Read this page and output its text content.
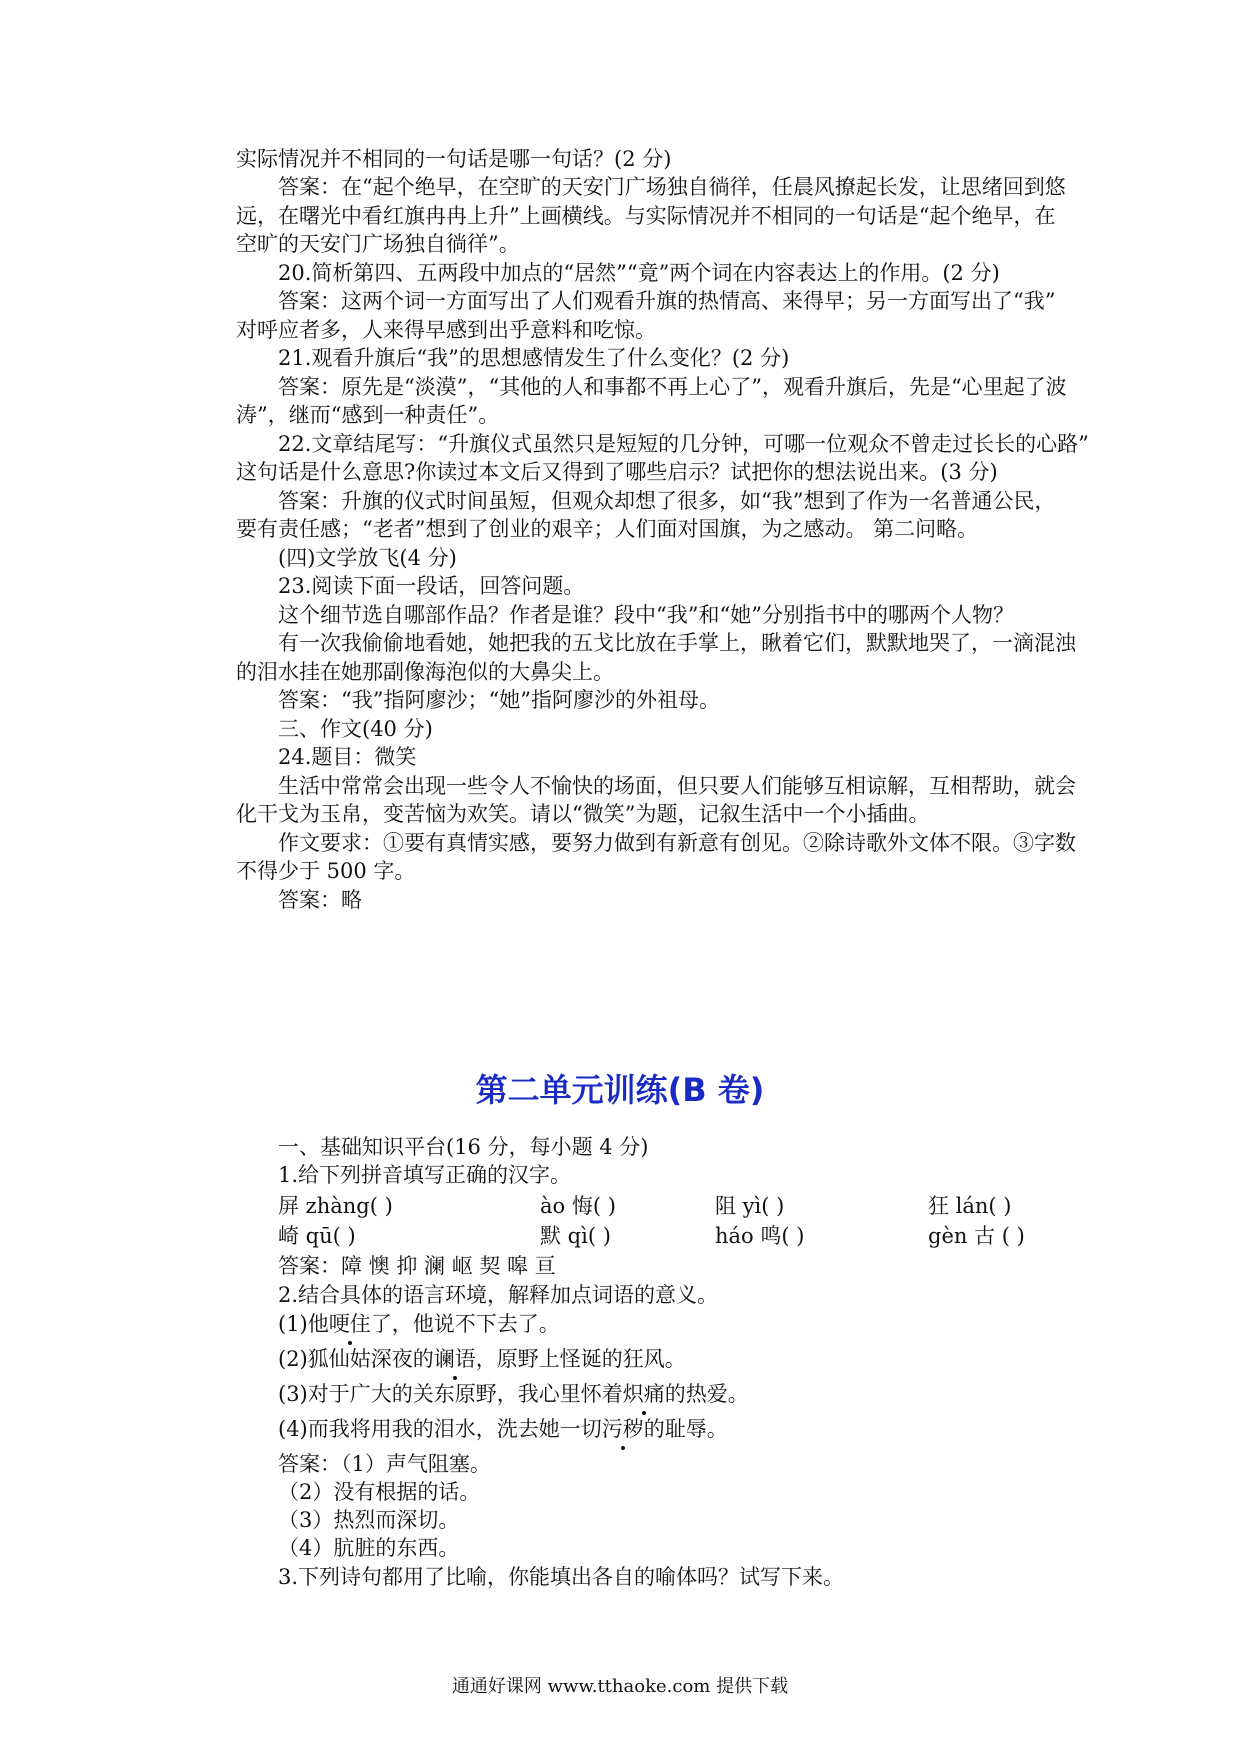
实际情况并不相同的一句话是哪一句话？(2 分)
答案：在“起个绝早，在空旷的天安门广场独自徜徉，任晨风撩起长发，让思绪回到悠
远，在曙光中看红旗冉冉上升”上画横线。与实际情况并不相同的一句话是“起个绝早，在
空旷的天安门广场独自徜徉”。
20.简析第四、五两段中加点的“居然”“竟”两个词在内容表达上的作用。(2 分)
答案：这两个词一方面写出了人们观看升旗的热情高、来得早；另一方面写出了“我”
对呼应者多，人来得早感到出乎意料和吃惊。
21.观看升旗后“我”的思想感情发生了什么变化？(2 分)
答案：原先是“淡漠”，“其他的人和事都不再上心了”，观看升旗后，先是“心里起了波
涛”，继而“感到一种责任”。
22.文章结尾写：“升旗仪式虽然只是短短的几分钟，可哪一位观众不曾走过长长的心路”
这句话是什么意思?你读过本文后又得到了哪些启示？试把你的想法说出来。(3 分)
答案：升旗的仪式时间虽短，但观众却想了很多，如“我”想到了作为一名普通公民，
要有责任感；“老者”想到了创业的艰辛；人们面对国旗，为之感动。 第二问略。
(四)文学放飞(4 分)
23.阅读下面一段话，回答问题。
这个细节选自哪部作品？作者是谁？段中“我”和“她”分别指书中的哪两个人物？
有一次我偷偷地看她，她把我的五戈比放在手掌上，瞅着它们，默默地哭了，一滴混浊
的泪水挂在她那副像海泡似的大鼻尖上。
答案：“我”指阿廖沙；“她”指阿廖沙的外祖母。
三、作文(40 分)
24.题目：微笑
生活中常常会出现一些令人不愉快的场面，但只要人们能够互相谅解，互相帮助，就会
化干戈为玉帛，变苦恼为欢笑。请以“微笑”为题，记叙生活中一个小插曲。
作文要求：①要有真情实感，要努力做到有新意有创见。②除诗歌外文体不限。③字数
不得少于 500 字。
答案：略
第二单元训练(B 卷)
一、基础知识平台(16 分，每小题 4 分)
1.给下列拼音填写正确的汉字。
屏 zhàng( )	ào 悔( )	阻 yì( )	狂 lán( )
崎 qū( )	默 qì( )	háo 鸣( )	gèn 古 ( )
答案：障 懊 抑 澜 岖 契 嗥 亘
2.结合具体的语言环境，解释加点词语的意义。
(1)他哽住了，他说不下去了。
(2)狐仙姑深夜的谰语，原野上怪诞的狂风。
(3)对于广大的关东原野，我心里怀着炽痛的热爱。
(4)而我将用我的泪水，洗去她一切污秽的耻辱。
答案：（1）声气阻塞。
（2）没有根据的话。
（3）热烈而深切。
（4）肮脏的东西。
3.下列诗句都用了比喻，你能填出各自的喻体吗？试写下来。
通通好课网 www.tthaoke.com 提供下载
